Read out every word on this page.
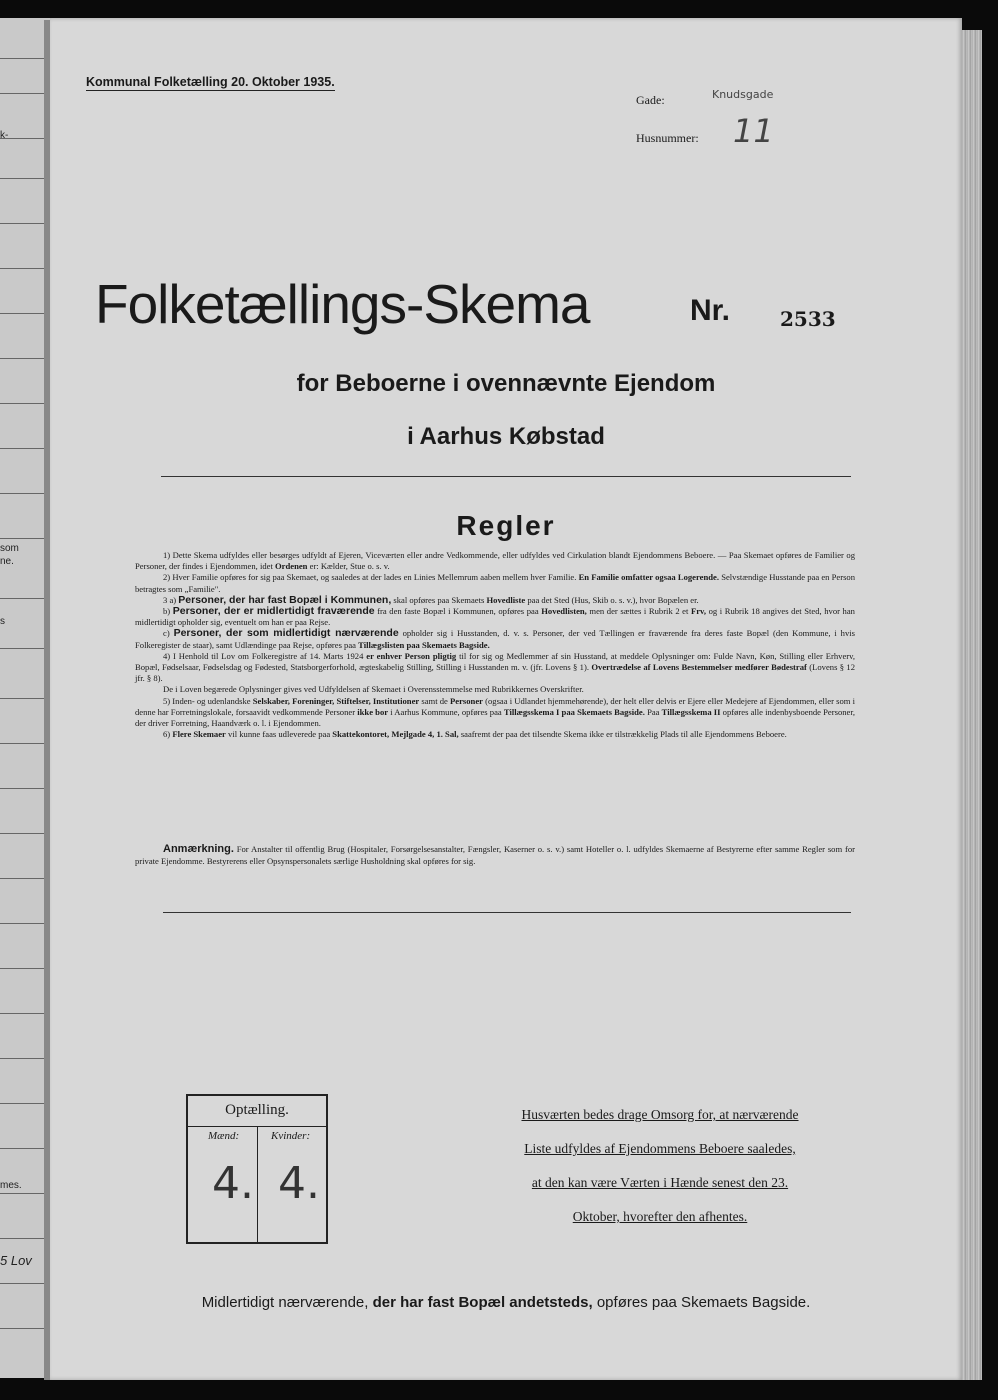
k-
som
ne.
s
mes.
5 Lov
Kommunal Folketælling 20. Oktober 1935.
Gade:	Knudsgade
Husnummer: 11
Folketællings-Skema	Nr. 2533
for Beboerne i ovennævnte Ejendom
i Aarhus Købstad
Regler

1) Dette Skema udfyldes eller besørges udfyldt af Ejeren, Viceværten eller andre Vedkommende, eller udfyldes ved Cirkulation blandt Ejendommens Beboere. — Paa Skemaet opføres de Familier og Personer, der findes i Ejendommen, idet Ordenen er: Kælder, Stue o. s. v.

2) Hver Familie opføres for sig paa Skemaet, og saaledes at der lades en Linies Mellemrum aaben mellem hver Familie. En Familie omfatter ogsaa Logerende. Selvstændige Husstande paa en Person betragtes som „Familie".

3 a) Personer, der har fast Bopæl i Kommunen, skal opføres paa Skemaets Hovedliste paa det Sted (Hus, Skib o. s. v.), hvor Bopælen er.

b) Personer, der er midlertidigt fraværende fra den faste Bopæl i Kommunen, opføres paa Hovedlisten, men der sættes i Rubrik 2 et Frv, og i Rubrik 18 angives det Sted, hvor han midlertidigt opholder sig, eventuelt om han er paa Rejse.

c) Personer, der som midlertidigt nærværende opholder sig i Husstanden, d. v. s. Personer, der ved Tællingen er fraværende fra deres faste Bopæl (den Kommune, i hvis Folkeregister de staar), samt Udlændinge paa Rejse, opføres paa Tillægslisten paa Skemaets Bagside.

4) I Henhold til Lov om Folkeregistre af 14. Marts 1924 er enhver Person pligtig til for sig og Medlemmer af sin Husstand, at meddele Oplysninger om: Fulde Navn, Køn, Stilling eller Erhverv, Bopæl, Fødselsaar, Fødselsdag og Fødested, Statsborgerforhold, ægteskabelig Stilling, Stilling i Husstanden m. v. (jfr. Lovens § 1). Overtrædelse af Lovens Bestemmelser medfører Bødestraf (Lovens § 12 jfr. § 8).

De i Loven begærede Oplysninger gives ved Udfyldelsen af Skemaet i Overensstemmelse med Rubrikkernes Overskrifter.

5) Inden- og udenlandske Selskaber, Foreninger, Stiftelser, Institutioner samt de Personer (ogsaa i Udlandet hjemmehørende), der helt eller delvis er Ejere eller Medejere af Ejendommen, eller som i denne har Forretningslokale, forsaavidt vedkommende Personer ikke bor i Aarhus Kommune, opføres paa Tillægsskema I paa Skemaets Bagside. Paa Tillægsskema II opføres alle indenbysboende Personer, der driver Forretning, Haandværk o. l. i Ejendommen.

6) Flere Skemaer vil kunne faas udleverede paa Skattekontoret, Mejlgade 4, 1. Sal, saafremt der paa det tilsendte Skema ikke er tilstrækkelig Plads til alle Ejendommens Beboere.

Anmærkning. For Anstalter til offentlig Brug (Hospitaler, Forsørgelsesanstalter, Fængsler, Kaserner o. s. v.) samt Hoteller o. l. udfyldes Skemaerne af Bestyrerne efter samme Regler som for private Ejendomme. Bestyrerens eller Opsynspersonalets særlige Husholdning skal opføres for sig.

Optælling.
Mænd:	Kvinder:
4. 4.
Husværten bedes drage Omsorg for, at nærværende
Liste udfyldes af Ejendommens Beboere saaledes,
at den kan være Værten i Hænde senest den 23.
Oktober, hvorefter den afhentes.
Midlertidigt nærværende, der har fast Bopæl andetsteds, opføres paa Skemaets Bagside.
